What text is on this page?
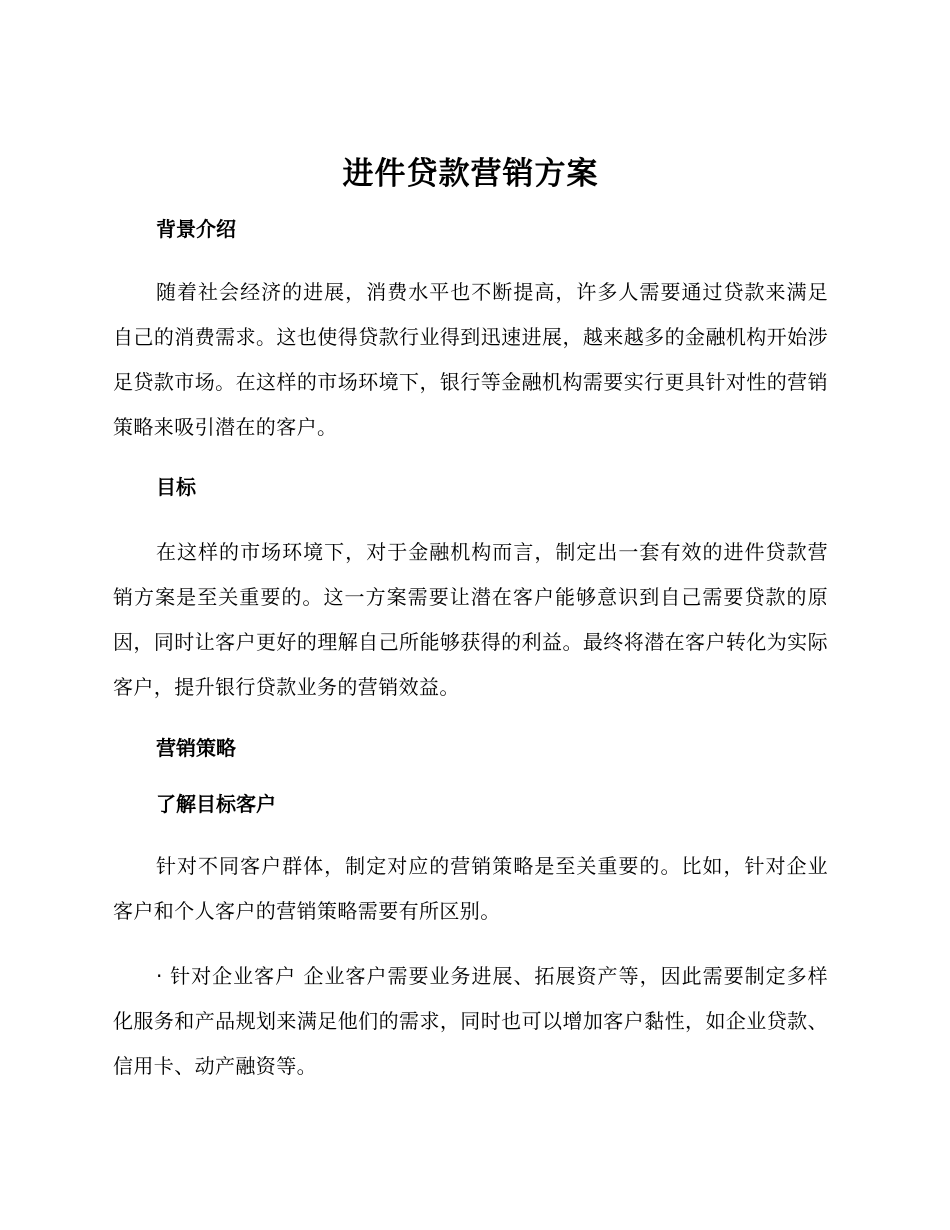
进件贷款营销方案
背景介绍

随着社会经济的进展，消费水平也不断提高，许多人需要通过贷款来满足自己的消费需求。这也使得贷款行业得到迅速进展，越来越多的金融机构开始涉足贷款市场。在这样的市场环境下，银行等金融机构需要实行更具针对性的营销策略来吸引潜在的客户。

目标

在这样的市场环境下，对于金融机构而言，制定出一套有效的进件贷款营销方案是至关重要的。这一方案需要让潜在客户能够意识到自己需要贷款的原因，同时让客户更好的理解自己所能够获得的利益。最终将潜在客户转化为实际客户，提升银行贷款业务的营销效益。

营销策略
了解目标客户

针对不同客户群体，制定对应的营销策略是至关重要的。比如，针对企业客户和个人客户的营销策略需要有所区别。

· 针对企业客户 企业客户需要业务进展、拓展资产等，因此需要制定多样化服务和产品规划来满足他们的需求，同时也可以增加客户黏性，如企业贷款、信用卡、动产融资等。
